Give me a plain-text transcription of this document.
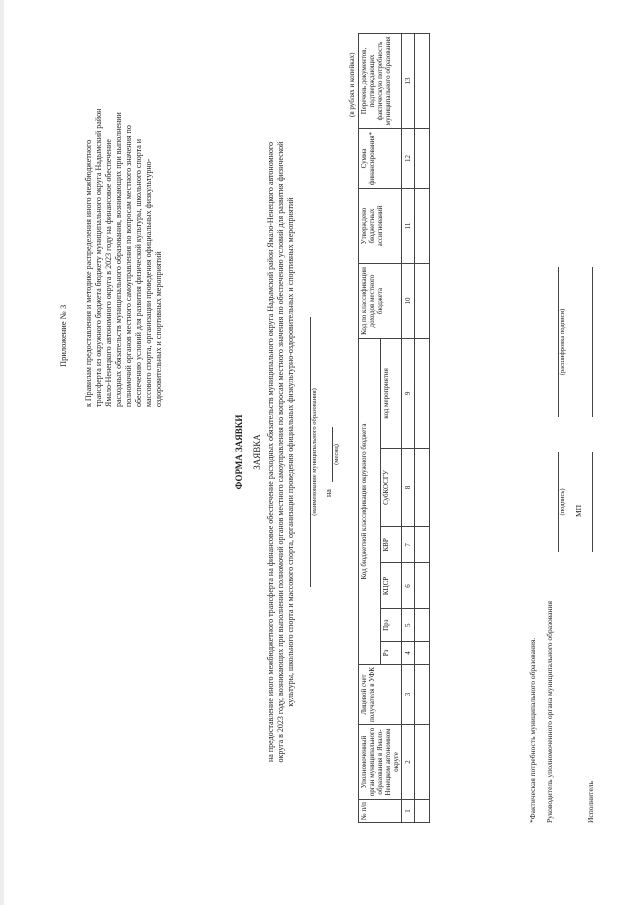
Приложение № 3 к Правилам предоставления и методике распределения иного межбюджетного трансферта из окружного бюджета бюджету муниципального округа Надымский район Ямало-Ненецкого автономного округа в 2023 году на финансовое обеспечение расходных обязательств муниципального образования, возникающих при выполнении полномочий органов местного самоуправления по вопросам местного значения по обеспечению условий для развития физической культуры, школьного спорта и массового спорта, организации проведения официальных физкультурно-оздоровительных и спортивных мероприятий
ФОРМА ЗАЯВКИ ЗАЯВКА на предоставление иного межбюджетного трансферта на финансовое обеспечение расходных обязательств муниципального округа Надымский район Ямало-Ненецкого автономного округа в 2023 году, возникающих при выполнении полномочий органов местного самоуправления по вопросам местного значения по обеспечению условий для развития физической культуры, школьного спорта и массового спорта, организации проведения официальных физкультурно-оздоровительных и спортивных мероприятий (наименование муниципального образования) на
(месяц)
(в рублях и копейках)
№ п/п	Уполномоченный орган муниципального образования в Ямало-Ненецком автономном округе	Лицевой счет получателя в УФК	Код бюджетной классификации окружного бюджета						Код по классификации доходов местного бюджета	Утверждено бюджетных ассигнований	Сумма финансирования*	Перечень документов, подтверждающих фактическую потребность муниципального образования
			Рз	Прз	КЦСР	КВР	СубКОСГУ	код мероприятия				
1	2	3	4	5	6	7	8	9	10	11	12	13

*Фактическая потребность муниципального образования. Руководитель уполномоченного органа муниципального образования
(подпись)
(расшифровка подписи)
МП
Исполнитель
